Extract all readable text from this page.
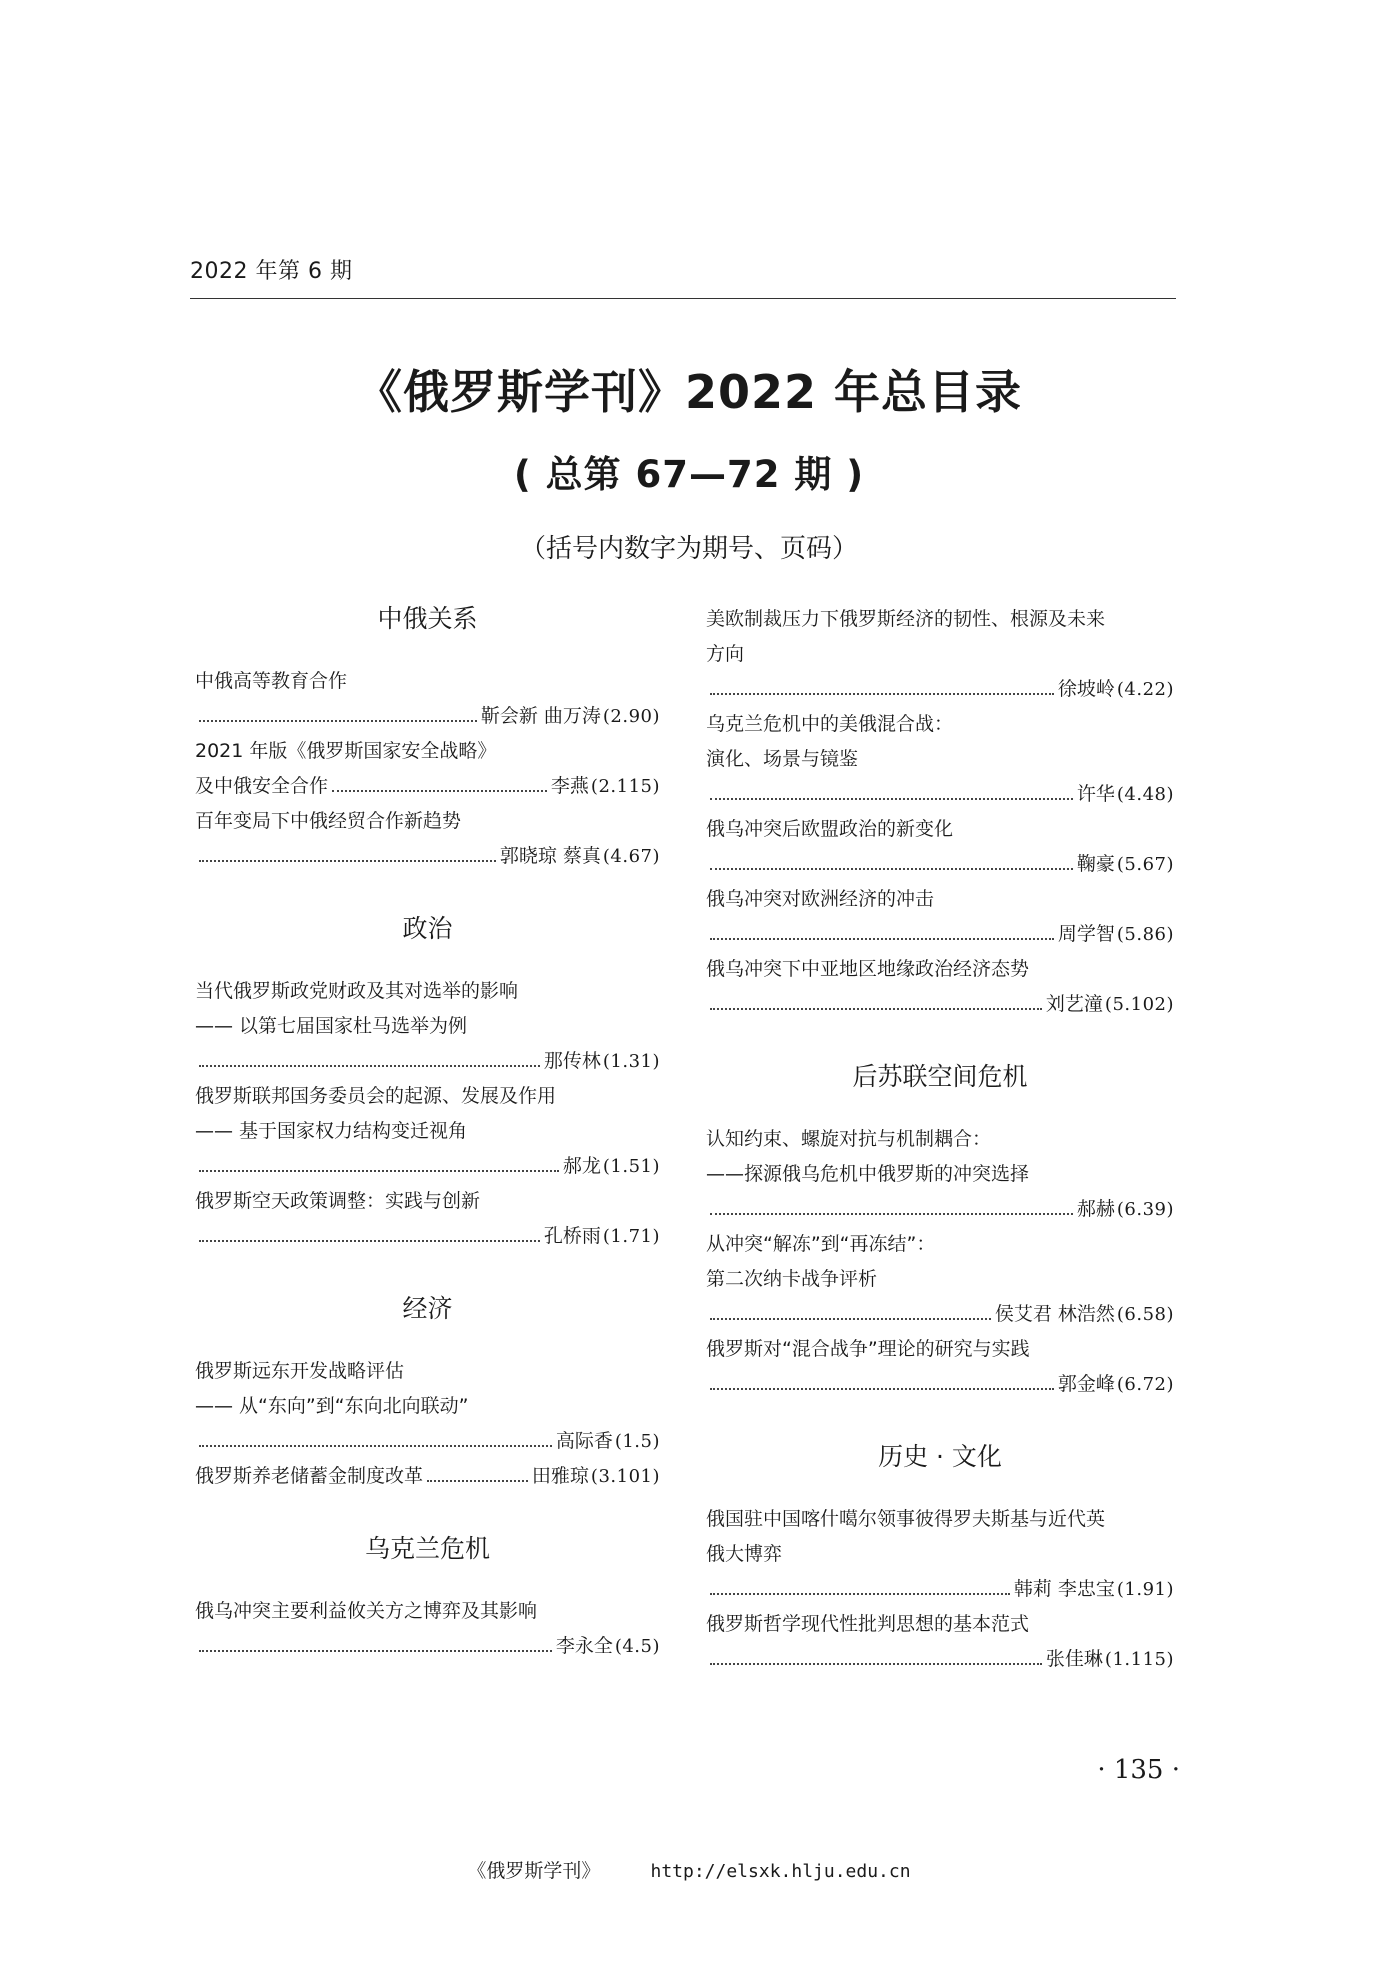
2022 年第 6 期
《俄罗斯学刊》2022 年总目录
( 总第 67—72 期 )
（括号内数字为期号、页码）
中俄关系
中俄高等教育合作
靳会新 曲万涛 (2.90)
2021 年版《俄罗斯国家安全战略》
及中俄安全合作	李燕 (2.115)
百年变局下中俄经贸合作新趋势
郭晓琼 蔡真 (4.67)
政治
当代俄罗斯政党财政及其对选举的影响
—— 以第七届国家杜马选举为例
那传林 (1.31)
俄罗斯联邦国务委员会的起源、发展及作用
—— 基于国家权力结构变迁视角
郝龙 (1.51)
俄罗斯空天政策调整：实践与创新
孔桥雨 (1.71)
经济
俄罗斯远东开发战略评估
—— 从“东向”到“东向北向联动”
高际香 (1.5)
俄罗斯养老储蓄金制度改革	田雅琼 (3.101)
乌克兰危机
俄乌冲突主要利益攸关方之博弈及其影响
李永全 (4.5)
美欧制裁压力下俄罗斯经济的韧性、根源及未来
方向
徐坡岭 (4.22)
乌克兰危机中的美俄混合战：
演化、场景与镜鉴
许华 (4.48)
俄乌冲突后欧盟政治的新变化
鞠豪 (5.67)
俄乌冲突对欧洲经济的冲击
周学智 (5.86)
俄乌冲突下中亚地区地缘政治经济态势
刘艺潼 (5.102)
后苏联空间危机
认知约束、螺旋对抗与机制耦合：
——探源俄乌危机中俄罗斯的冲突选择
郝赫 (6.39)
从冲突“解冻”到“再冻结”：
第二次纳卡战争评析
侯艾君 林浩然 (6.58)
俄罗斯对“混合战争”理论的研究与实践
郭金峰 (6.72)
历史 · 文化
俄国驻中国喀什噶尔领事彼得罗夫斯基与近代英
俄大博弈
韩莉 李忠宝 (1.91)
俄罗斯哲学现代性批判思想的基本范式
张佳琳 (1.115)
· 135 ·
《俄罗斯学刊》	http://elsxk.hlju.edu.cn
